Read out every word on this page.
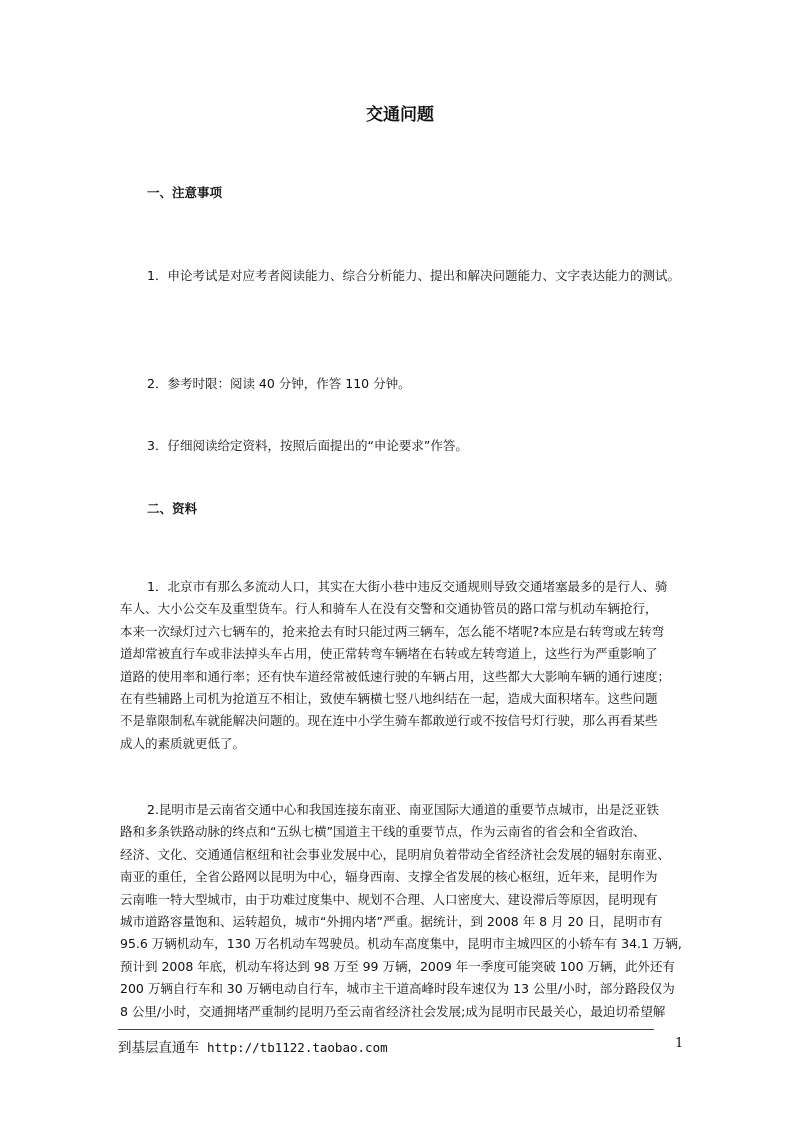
交通问题
一、注意事项
1．申论考试是对应考者阅读能力、综合分析能力、提出和解决问题能力、文字表达能力的测试。
2．参考时限：阅读 40 分钟，作答 110 分钟。
3．仔细阅读给定资料，按照后面提出的“申论要求”作答。
二、资料
1．北京市有那么多流动人口，其实在大街小巷中违反交通规则导致交通堵塞最多的是行人、骑
车人、大小公交车及重型货车。行人和骑车人在没有交警和交通协管员的路口常与机动车辆抢行，
本来一次绿灯过六七辆车的，抢来抢去有时只能过两三辆车，怎么能不堵呢?本应是右转弯或左转弯
道却常被直行车或非法掉头车占用，使正常转弯车辆堵在右转或左转弯道上，这些行为严重影响了
道路的使用率和通行率；还有快车道经常被低速行驶的车辆占用，这些都大大影响车辆的通行速度；
在有些辅路上司机为抢道互不相让，致使车辆横七竖八地纠结在一起，造成大面积堵车。这些问题
不是靠限制私车就能解决问题的。现在连中小学生骑车都敢逆行或不按信号灯行驶，那么再看某些
成人的素质就更低了。
2.昆明市是云南省交通中心和我国连接东南亚、南亚国际大通道的重要节点城市，出是泛亚铁
路和多条铁路动脉的终点和“五纵七横”国道主干线的重要节点，作为云南省的省会和全省政治、
经济、文化、交通通信枢纽和社会事业发展中心，昆明肩负着带动全省经济社会发展的辐射东南亚、
南亚的重任，全省公路网以昆明为中心，辐身西南、支撑全省发展的核心枢纽，近年来，昆明作为
云南唯一特大型城市，由于功难过度集中、规划不合理、人口密度大、建设滞后等原因，昆明现有
城市道路容量饱和、运转超负，城市“外拥内堵”严重。据统计，到 2008 年 8 月 20 日，昆明市有
95.6 万辆机动车，130 万名机动车驾驶员。机动车高度集中，昆明市主城四区的小轿车有 34.1 万辆,
预计到 2008 年底，机动车将达到 98 万至 99 万辆，2009 年一季度可能突破 100 万辆，此外还有
200 万辆自行车和 30 万辆电动自行车，城市主干道高峰时段车速仅为 13 公里/小时，部分路段仅为
8 公里/小时，交通拥堵严重制约昆明乃至云南省经济社会发展;成为昆明市民最关心，最迫切希望解
到基层直通车 http://tb1122.taobao.com	1
